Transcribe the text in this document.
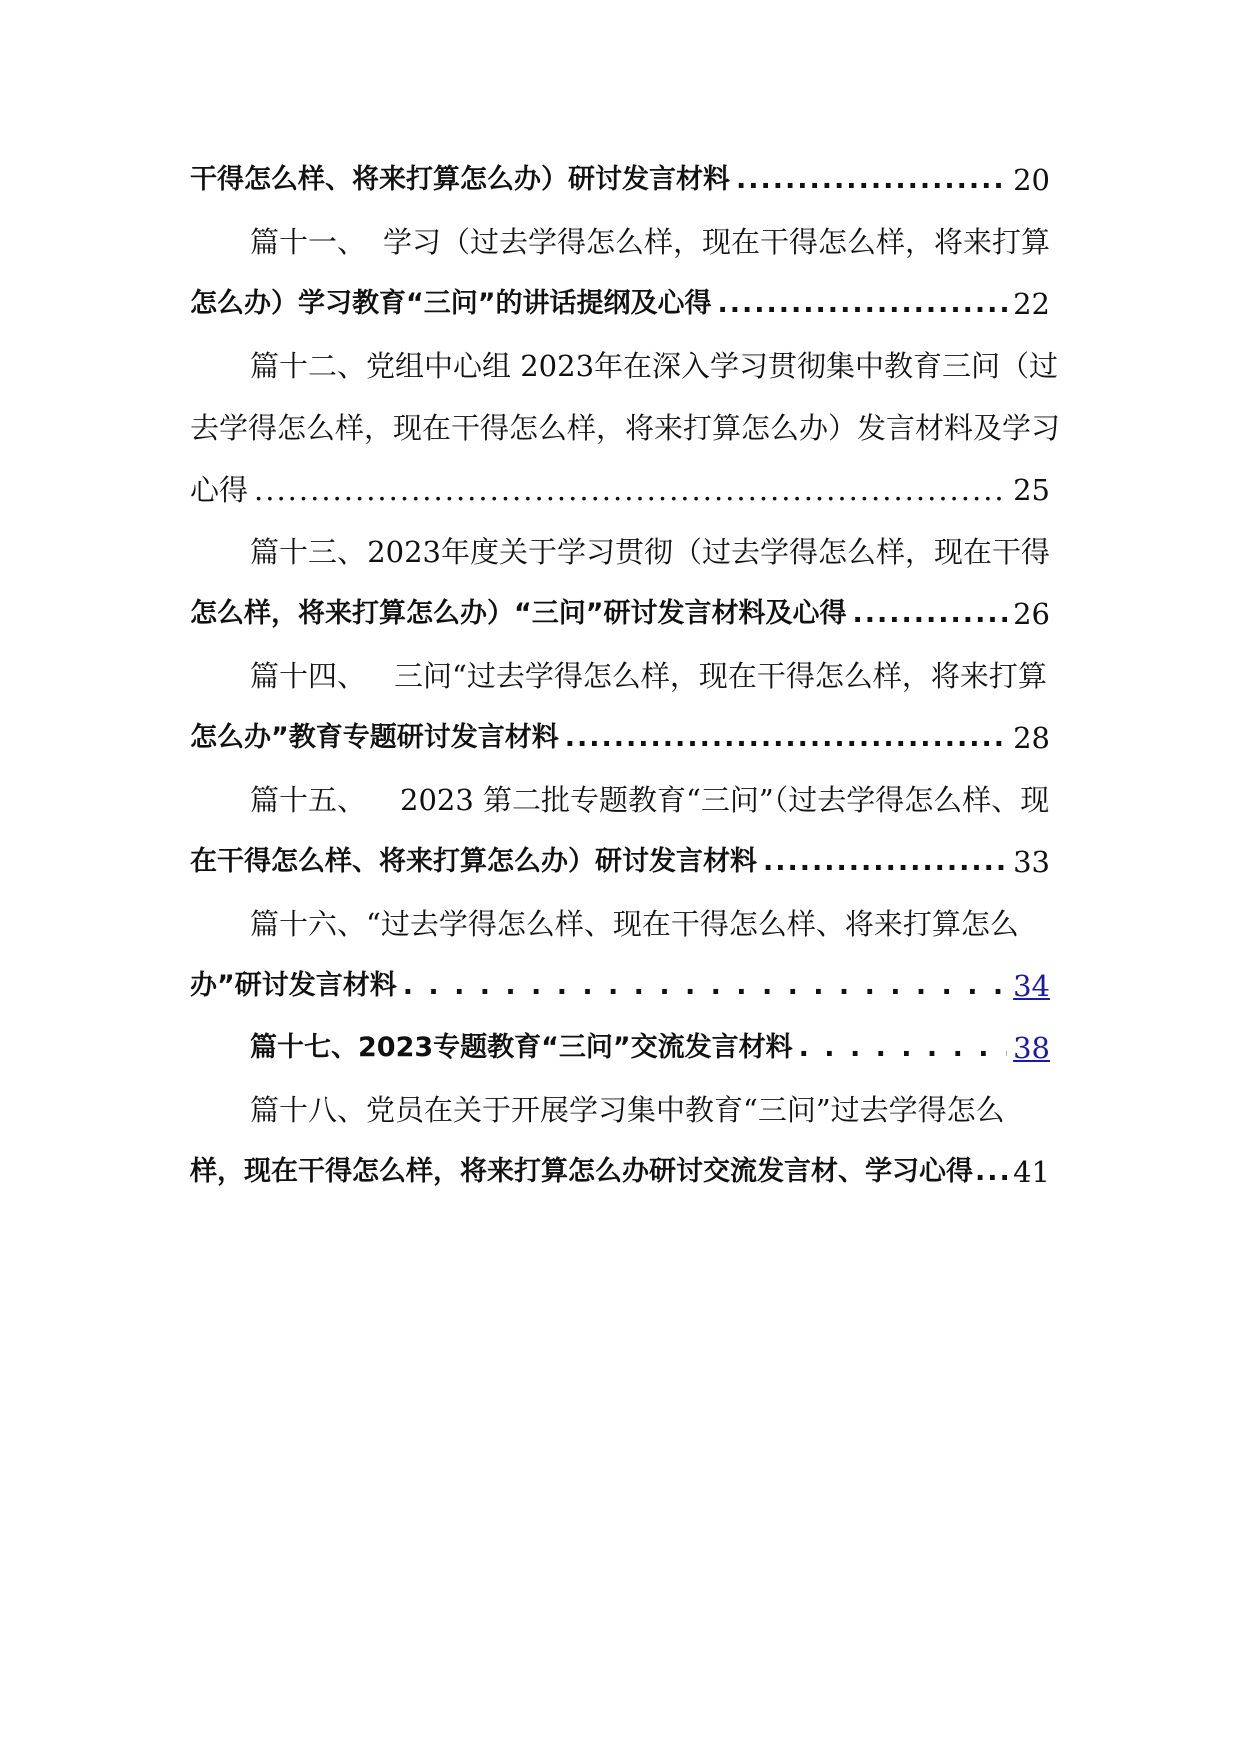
干得怎么样、将来打算怎么办）研讨发言材料 .....	20
篇十一、 学习（过去学得怎么样，现在干得怎么样，将来打算
怎么办）学习教育“三问”的讲话提纲及心得 .....	22
篇十二、 党组中心组 2023年在深入学习贯彻集中教育三问（过
去学得怎么样，现在干得怎么样，将来打算怎么办）发言材料及学习
心得 .....	25
篇十三、 2023年度关于学习贯彻（过去学得怎么样，现在干得
怎么样，将来打算怎么办）“三问”研讨发言材料及心得 .....	26
篇十四、 三问“过去学得怎么样，现在干得怎么样，将来打算
怎么办”教育专题研讨发言材料 .....	28
篇十五、 2023 第二批专题教育“三问”（过去学得怎么样、现
在干得怎么样、将来打算怎么办）研讨发言材料 .....	33
篇十六、“过去学得怎么样、现在干得怎么样、将来打算怎么
办”研讨发言材料 . . .	34
篇十七、2023专题教育“三问”交流发言材料 . . .	38
篇十八、党员在关于开展学习集中教育“三问”过去学得怎么
样，现在干得怎么样，将来打算怎么办研讨交流发言材、学习心得 ..... 41
